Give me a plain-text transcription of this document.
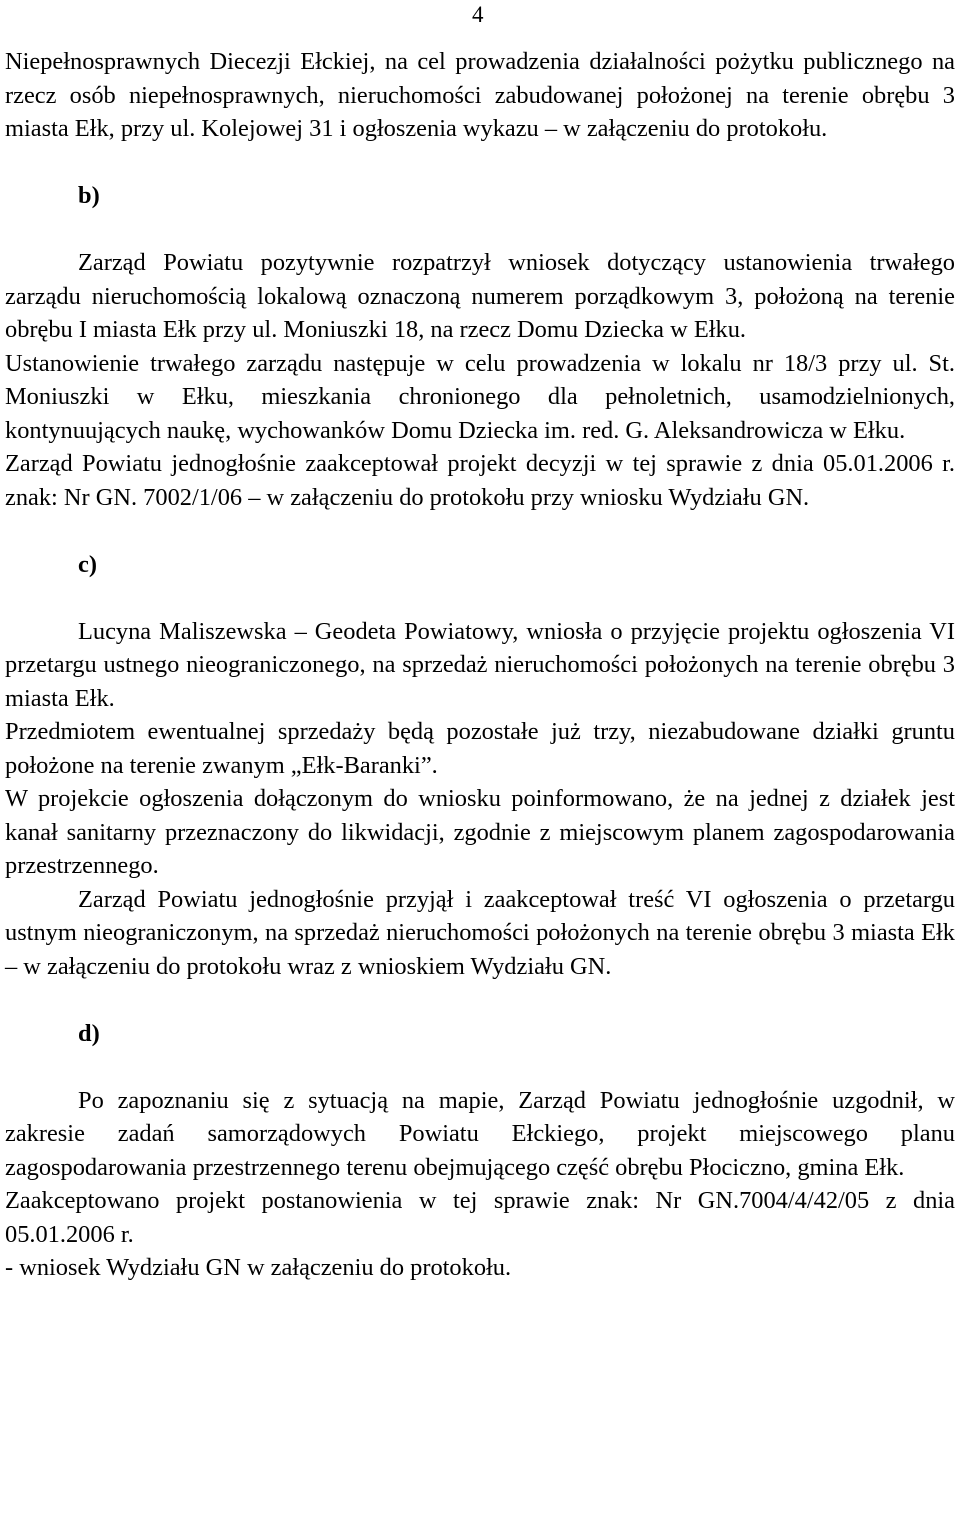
4

Niepełnosprawnych Diecezji Ełckiej, na cel prowadzenia działalności pożytku publicznego na rzecz osób niepełnosprawnych, nieruchomości zabudowanej położonej na terenie obrębu 3 miasta Ełk, przy ul. Kolejowej 31 i ogłoszenia wykazu – w załączeniu do protokołu.

b)

Zarząd Powiatu pozytywnie rozpatrzył wniosek dotyczący ustanowienia trwałego zarządu nieruchomością lokalową oznaczoną numerem porządkowym 3, położoną na terenie obrębu I miasta Ełk przy ul. Moniuszki 18, na rzecz Domu Dziecka w Ełku.

Ustanowienie trwałego zarządu następuje w celu prowadzenia w lokalu nr 18/3 przy ul. St. Moniuszki w Ełku, mieszkania chronionego dla pełnoletnich, usamodzielnionych, kontynuujących naukę, wychowanków Domu Dziecka im. red. G. Aleksandrowicza w Ełku.

Zarząd Powiatu jednogłośnie zaakceptował projekt decyzji w tej sprawie z dnia 05.01.2006 r. znak: Nr GN. 7002/1/06 – w załączeniu do protokołu przy wniosku Wydziału GN.

c)

Lucyna Maliszewska – Geodeta Powiatowy, wniosła o przyjęcie projektu ogłoszenia VI przetargu ustnego nieograniczonego, na sprzedaż nieruchomości położonych na terenie obrębu 3 miasta Ełk.

Przedmiotem ewentualnej sprzedaży będą pozostałe już trzy, niezabudowane działki gruntu położone na terenie zwanym „Ełk-Baranki”.

W projekcie ogłoszenia dołączonym do wniosku poinformowano, że na jednej z działek jest kanał sanitarny przeznaczony do likwidacji, zgodnie z miejscowym planem zagospodarowania przestrzennego.

Zarząd Powiatu jednogłośnie przyjął i zaakceptował treść VI ogłoszenia o przetargu ustnym nieograniczonym, na sprzedaż nieruchomości położonych na terenie obrębu 3 miasta Ełk – w załączeniu do protokołu wraz z wnioskiem Wydziału GN.

d)

Po zapoznaniu się z sytuacją na mapie, Zarząd Powiatu jednogłośnie uzgodnił, w zakresie zadań samorządowych Powiatu Ełckiego, projekt miejscowego planu zagospodarowania przestrzennego terenu obejmującego część obrębu Płociczno, gmina Ełk.

Zaakceptowano projekt postanowienia w tej sprawie znak: Nr GN.7004/4/42/05 z dnia 05.01.2006 r.

- wniosek Wydziału GN w załączeniu do protokołu.
